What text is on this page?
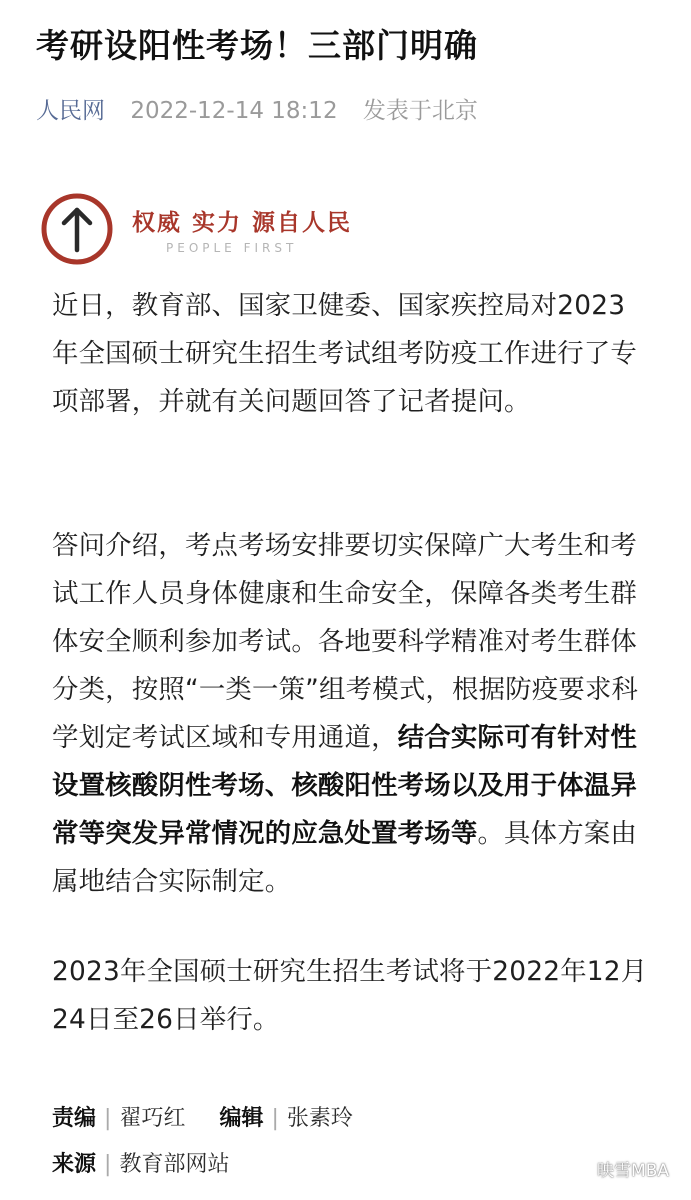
考研设阳性考场！三部门明确
人民网 2022-12-14 18:12 发表于北京
权威 实力 源自人民
PEOPLE FIRST

近日，教育部、国家卫健委、国家疾控局对2023年全国硕士研究生招生考试组考防疫工作进行了专项部署，并就有关问题回答了记者提问。

答问介绍，考点考场安排要切实保障广大考生和考试工作人员身体健康和生命安全，保障各类考生群体安全顺利参加考试。各地要科学精准对考生群体分类，按照“一类一策”组考模式，根据防疫要求科学划定考试区域和专用通道，结合实际可有针对性设置核酸阴性考场、核酸阳性考场以及用于体温异常等突发异常情况的应急处置考场等。具体方案由属地结合实际制定。

2023年全国硕士研究生招生考试将于2022年12月24日至26日举行。

责编 | 翟巧红 编辑 | 张素玲
来源 | 教育部网站	映雪MBA
